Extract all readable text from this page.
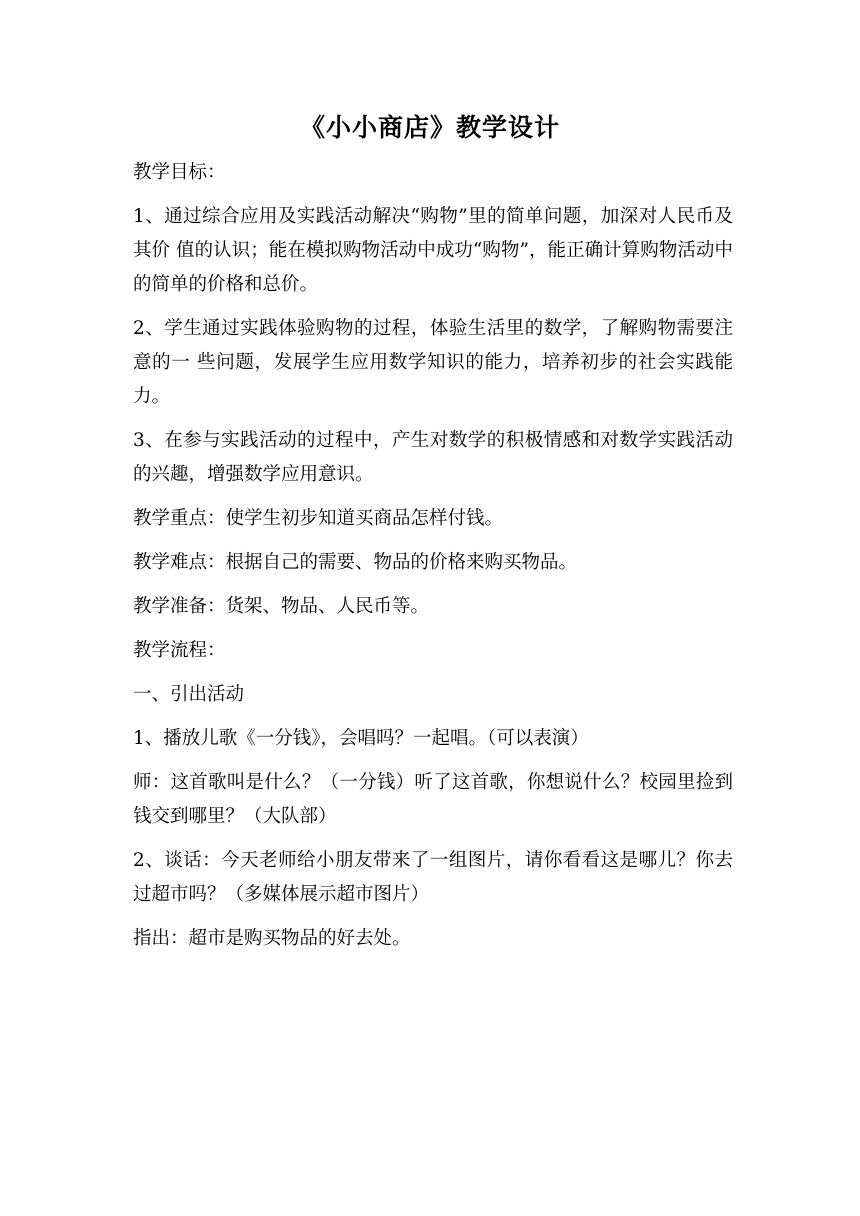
《小小商店》教学设计

教学目标：

1、通过综合应用及实践活动解决“购物”里的简单问题，加深对人民币及其价 值的认识；能在模拟购物活动中成功“购物”，能正确计算购物活动中的简单的价格和总价。

2、学生通过实践体验购物的过程，体验生活里的数学，了解购物需要注意的一 些问题，发展学生应用数学知识的能力，培养初步的社会实践能力。

3、在参与实践活动的过程中，产生对数学的积极情感和对数学实践活动的兴趣，增强数学应用意识。

教学重点：使学生初步知道买商品怎样付钱。

教学难点：根据自己的需要、物品的价格来购买物品。

教学准备：货架、物品、人民币等。

教学流程：

一、引出活动

1、播放儿歌《一分钱》，会唱吗？一起唱。（可以表演）

师：这首歌叫是什么？（一分钱）听了这首歌，你想说什么？校园里捡到钱交到哪里？（大队部）

2、谈话：今天老师给小朋友带来了一组图片，请你看看这是哪儿？你去过超市吗？（多媒体展示超市图片）

指出：超市是购买物品的好去处。
